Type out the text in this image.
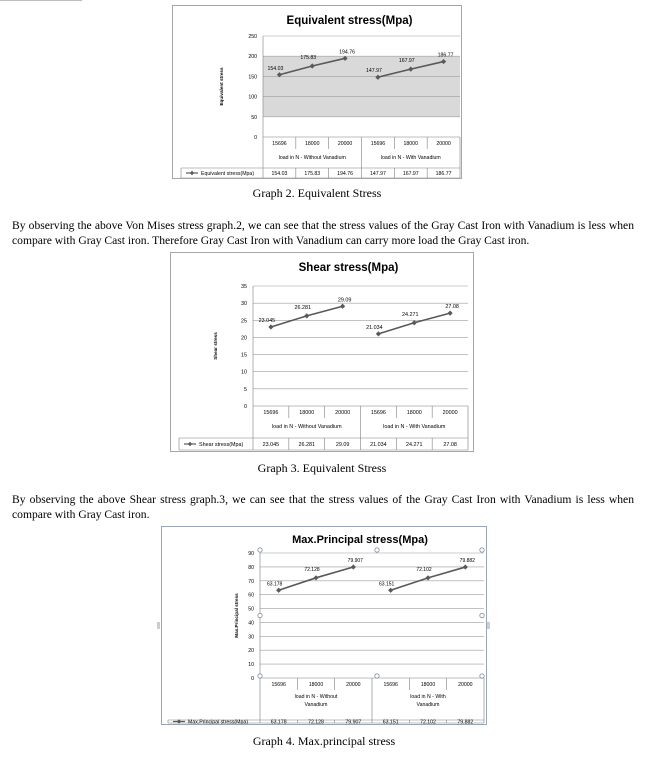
Equivalent stress(Mpa)
0
50
100
150
200
250
Equivalent stress	154.03
175.83
194.76
147.97
167.97
186.77
15696	18000	20000	15696	18000	20000
load in N - Without Vanadium	load in N - With Vanadium
Equivalent stress(Mpa)	154.03	175.83	194.76	147.97	167.97	186.77
Graph 2. Equivalent Stress
By observing the above Von Mises stress graph.2, we can see that the stress values of the Gray Cast Iron with Vanadium is less when compare with Gray Cast iron. Therefore Gray Cast Iron with Vanadium can carry more load the Gray Cast iron.
Shear stress(Mpa)
0
5
10
15
20
25
30
35
Shear stress
23.045
26.281
29.09
21.034
24.271
27.08
15696	18000	20000	15696	18000	20000
load in N - Without Vanadium	load in N - With Vanadium
Shear stress(Mpa)	23.045	26.281	29.09	21.034	24.271	27.08
Graph 3. Equivalent Stress
By observing the above Shear stress graph.3, we can see that the stress values of the Gray Cast Iron with Vanadium is less when compare with Gray Cast iron.
Max.Principal stress(Mpa)
0
10
20
30
40
50
60
70
80
90
Max.Principal stress
63.178
72.128
79.907
63.151
72.102
79.882
15696	18000	20000	15696	18000	20000
load in N - Without
Vanadium
load in N - With
Vanadium
Max.Principal stress(Mpa)	63.178	72.128	79.907	63.151	72.102	79.882
Graph 4. Max.principal stress
